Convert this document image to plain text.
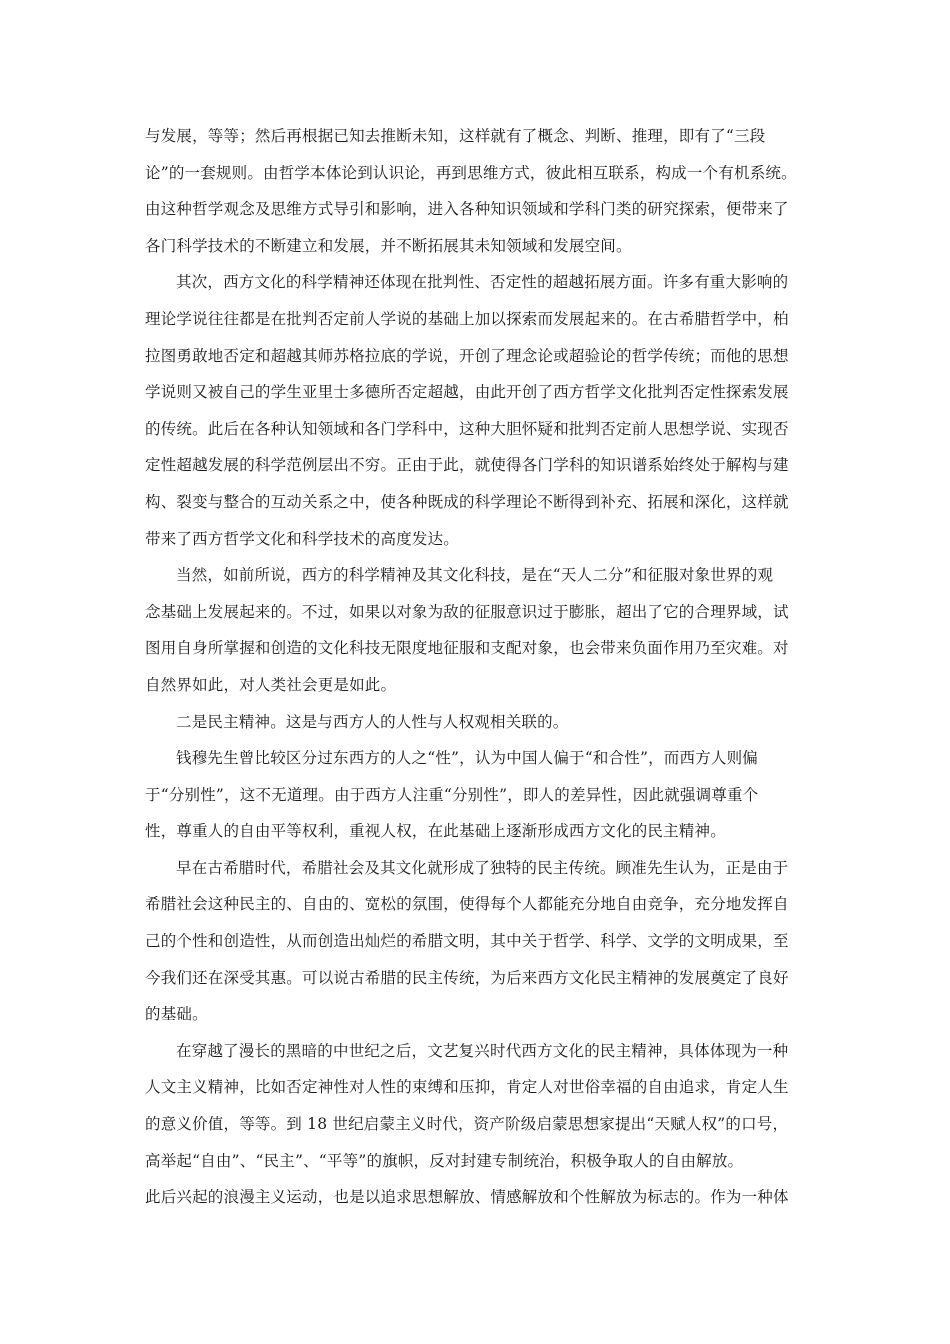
与发展，等等；然后再根据已知去推断未知，这样就有了概念、判断、推理，即有了“三段
论”的一套规则。由哲学本体论到认识论，再到思维方式，彼此相互联系，构成一个有机系统。
由这种哲学观念及思维方式导引和影响，进入各种知识领域和学科门类的研究探索，便带来了
各门科学技术的不断建立和发展，并不断拓展其未知领域和发展空间。
其次，西方文化的科学精神还体现在批判性、否定性的超越拓展方面。许多有重大影响的
理论学说往往都是在批判否定前人学说的基础上加以探索而发展起来的。在古希腊哲学中，柏
拉图勇敢地否定和超越其师苏格拉底的学说，开创了理念论或超验论的哲学传统；而他的思想
学说则又被自己的学生亚里士多德所否定超越，由此开创了西方哲学文化批判否定性探索发展
的传统。此后在各种认知领域和各门学科中，这种大胆怀疑和批判否定前人思想学说、实现否
定性超越发展的科学范例层出不穷。正由于此，就使得各门学科的知识谱系始终处于解构与建
构、裂变与整合的互动关系之中，使各种既成的科学理论不断得到补充、拓展和深化，这样就
带来了西方哲学文化和科学技术的高度发达。
当然，如前所说，西方的科学精神及其文化科技，是在“天人二分”和征服对象世界的观
念基础上发展起来的。不过，如果以对象为敌的征服意识过于膨胀，超出了它的合理界域，试
图用自身所掌握和创造的文化科技无限度地征服和支配对象，也会带来负面作用乃至灾难。对
自然界如此，对人类社会更是如此。
二是民主精神。这是与西方人的人性与人权观相关联的。
钱穆先生曾比较区分过东西方的人之“性”，认为中国人偏于“和合性”，而西方人则偏
于“分别性”，这不无道理。由于西方人注重“分别性”，即人的差异性，因此就强调尊重个
性，尊重人的自由平等权利，重视人权，在此基础上逐渐形成西方文化的民主精神。
早在古希腊时代，希腊社会及其文化就形成了独特的民主传统。顾准先生认为，正是由于
希腊社会这种民主的、自由的、宽松的氛围，使得每个人都能充分地自由竞争，充分地发挥自
己的个性和创造性，从而创造出灿烂的希腊文明，其中关于哲学、科学、文学的文明成果，至
今我们还在深受其惠。可以说古希腊的民主传统，为后来西方文化民主精神的发展奠定了良好
的基础。
在穿越了漫长的黑暗的中世纪之后，文艺复兴时代西方文化的民主精神，具体体现为一种
人文主义精神，比如否定神性对人性的束缚和压抑，肯定人对世俗幸福的自由追求，肯定人生
的意义价值，等等。到 18 世纪启蒙主义时代，资产阶级启蒙思想家提出“天赋人权”的口号，
高举起“自由”、“民主”、“平等”的旗帜，反对封建专制统治，积极争取人的自由解放。
此后兴起的浪漫主义运动，也是以追求思想解放、情感解放和个性解放为标志的。作为一种体
